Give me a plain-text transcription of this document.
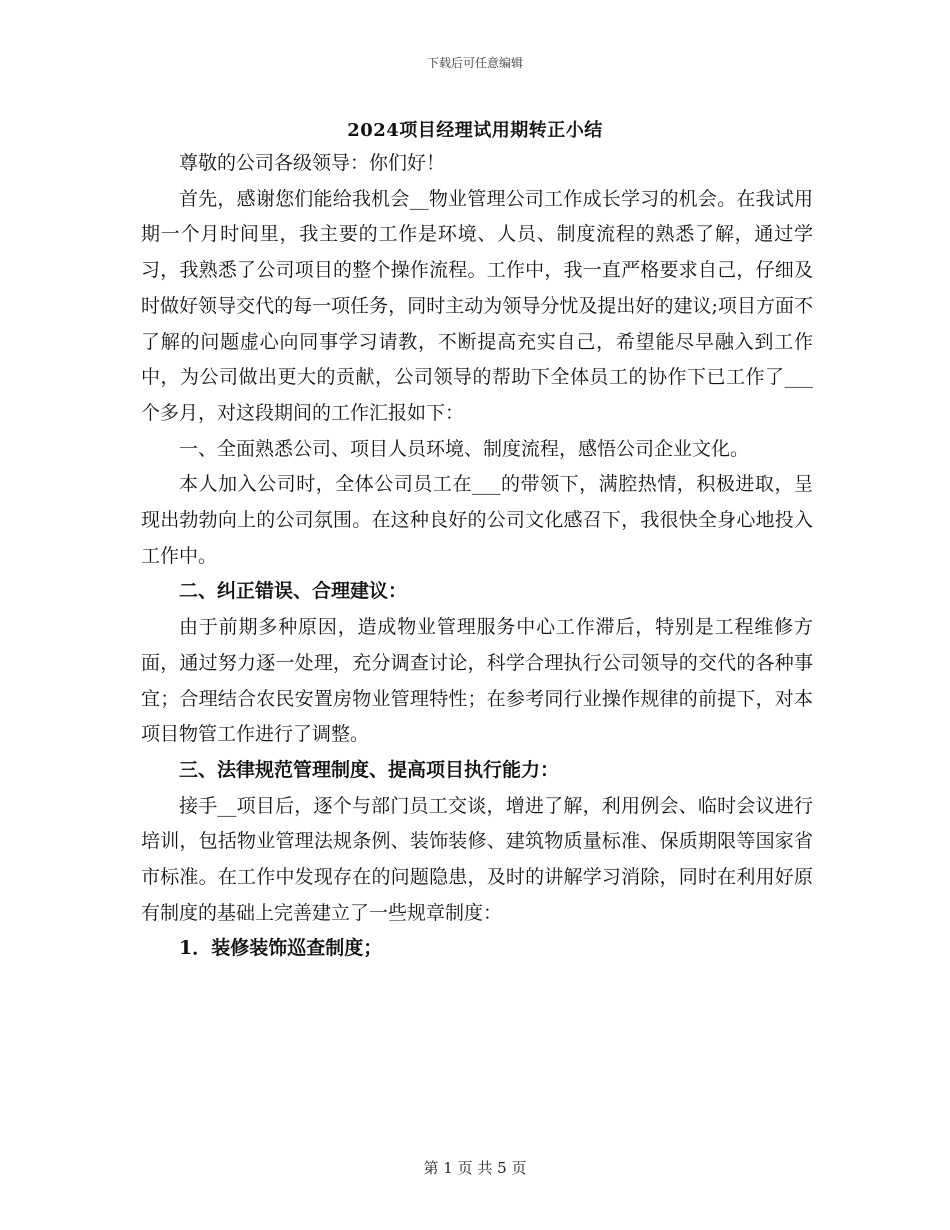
下载后可任意编辑
2024项目经理试用期转正小结

尊敬的公司各级领导：你们好！

首先，感谢您们能给我机会__物业管理公司工作成长学习的机会。在我试用期一个月时间里，我主要的工作是环境、人员、制度流程的熟悉了解，通过学习，我熟悉了公司项目的整个操作流程。工作中，我一直严格要求自己，仔细及时做好领导交代的每一项任务，同时主动为领导分忧及提出好的建议;项目方面不了解的问题虚心向同事学习请教，不断提高充实自己，希望能尽早融入到工作中，为公司做出更大的贡献，公司领导的帮助下全体员工的协作下已工作了___个多月，对这段期间的工作汇报如下：

一、全面熟悉公司、项目人员环境、制度流程，感悟公司企业文化。

本人加入公司时，全体公司员工在___的带领下，满腔热情，积极进取，呈现出勃勃向上的公司氛围。在这种良好的公司文化感召下，我很快全身心地投入工作中。

二、纠正错误、合理建议：

由于前期多种原因，造成物业管理服务中心工作滞后，特别是工程维修方面，通过努力逐一处理，充分调查讨论，科学合理执行公司领导的交代的各种事宜；合理结合农民安置房物业管理特性；在参考同行业操作规律的前提下，对本项目物管工作进行了调整。

三、法律规范管理制度、提高项目执行能力：

接手__项目后，逐个与部门员工交谈，增进了解，利用例会、临时会议进行培训，包括物业管理法规条例、装饰装修、建筑物质量标准、保质期限等国家省市标准。在工作中发现存在的问题隐患，及时的讲解学习消除，同时在利用好原有制度的基础上完善建立了一些规章制度：

1．装修装饰巡查制度；

第 1 页 共 5 页
